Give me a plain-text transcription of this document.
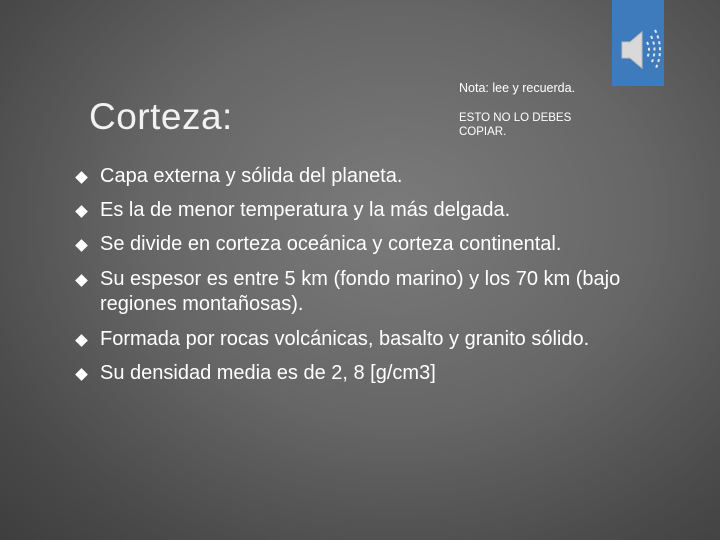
Corteza:
Nota: lee y recuerda.
ESTO NO LO DEBES COPIAR.
Capa externa y sólida del planeta.
Es la de menor temperatura y la más delgada.
Se divide en corteza oceánica y corteza continental.
Su espesor es entre 5 km (fondo marino) y los 70 km (bajo regiones montañosas).
Formada por rocas volcánicas, basalto y granito sólido.
Su densidad media es de 2, 8 [g/cm3]
